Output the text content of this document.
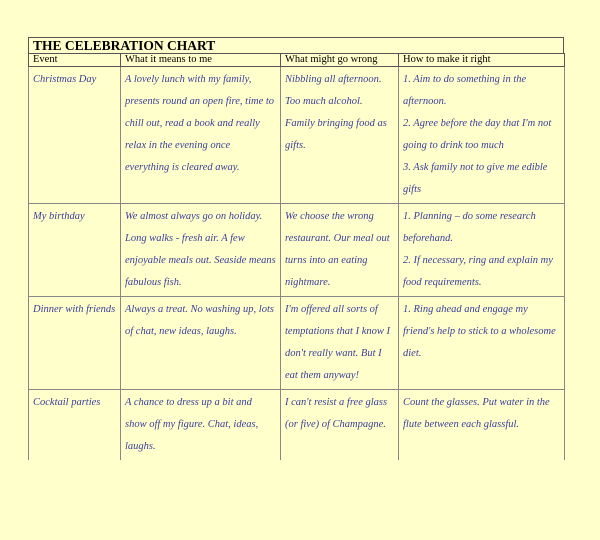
THE CELEBRATION CHART
Event	What it means to me	What might go wrong	How to make it right
Christmas Day	A lovely lunch with my family, presents round an open fire, time to chill out, read a book and really relax in the evening once everything is cleared away.	Nibbling all afternoon. Too much alcohol. Family bringing food as gifts.	1. Aim to do something in the afternoon.
2. Agree before the day that I'm not going to drink too much
3. Ask family not to give me edible gifts

My birthday	We almost always go on holiday. Long walks - fresh air. A few enjoyable meals out. Seaside means fabulous fish.	We choose the wrong restaurant. Our meal out turns into an eating nightmare.	1. Planning – do some research beforehand.
2. If necessary, ring and explain my food requirements.

Dinner with friends	Always a treat. No washing up, lots of chat, new ideas, laughs.	I'm offered all sorts of temptations that I know I don't really want. But I eat them anyway!	1. Ring ahead and engage my friend's help to stick to a wholesome diet.

Cocktail parties	A chance to dress up a bit and show off my figure. Chat, ideas, laughs.	I can't resist a free glass (or five) of Champagne.	Count the glasses. Put water in the flute between each glassful.
